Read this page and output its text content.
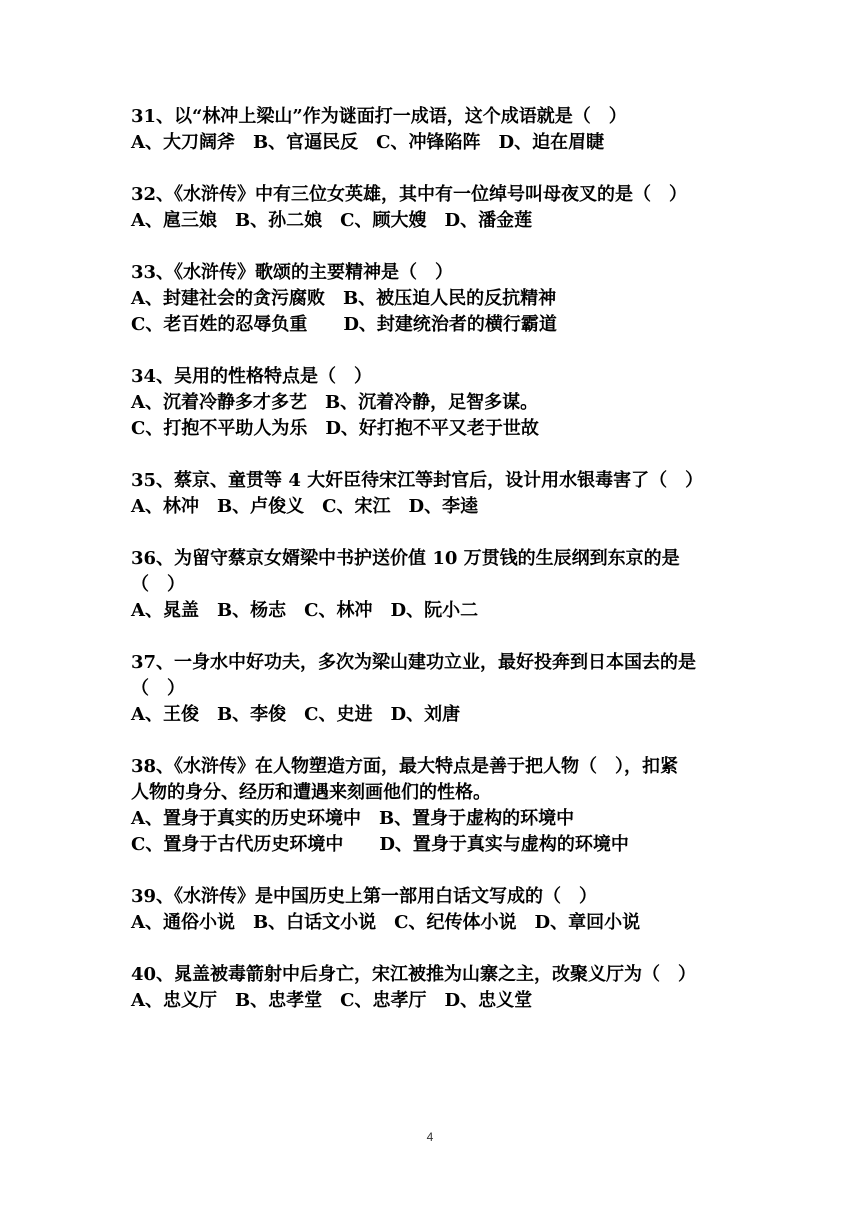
31、以“林冲上梁山”作为谜面打一成语，这个成语就是（　）
A、大刀阔斧　B、官逼民反　C、冲锋陷阵　D、迫在眉睫
32、《水浒传》中有三位女英雄，其中有一位绰号叫母夜叉的是（　）
A、扈三娘　B、孙二娘　C、顾大嫂　D、潘金莲
33、《水浒传》歌颂的主要精神是（　）
A、封建社会的贪污腐败　B、被压迫人民的反抗精神
C、老百姓的忍辱负重　　D、封建统治者的横行霸道
34、吴用的性格特点是（　）
A、沉着冷静多才多艺　B、沉着冷静，足智多谋。
C、打抱不平助人为乐　D、好打抱不平又老于世故
35、蔡京、童贯等 4 大奸臣待宋江等封官后，设计用水银毒害了（　）
A、林冲　B、卢俊义　C、宋江　D、李逵
36、为留守蔡京女婿梁中书护送价值 10 万贯钱的生辰纲到东京的是
（　）
A、晁盖　B、杨志　C、林冲　D、阮小二
37、一身水中好功夫，多次为梁山建功立业，最好投奔到日本国去的是
（　）
A、王俊　B、李俊　C、史进　D、刘唐
38、《水浒传》在人物塑造方面，最大特点是善于把人物（　），扣紧
人物的身分、经历和遭遇来刻画他们的性格。
A、置身于真实的历史环境中　B、置身于虚构的环境中
C、置身于古代历史环境中　　D、置身于真实与虚构的环境中
39、《水浒传》是中国历史上第一部用白话文写成的（　）
A、通俗小说　B、白话文小说　C、纪传体小说　D、章回小说
40、晁盖被毒箭射中后身亡，宋江被推为山寨之主，改聚义厅为（　）
A、忠义厅　B、忠孝堂　C、忠孝厅　D、忠义堂
4
